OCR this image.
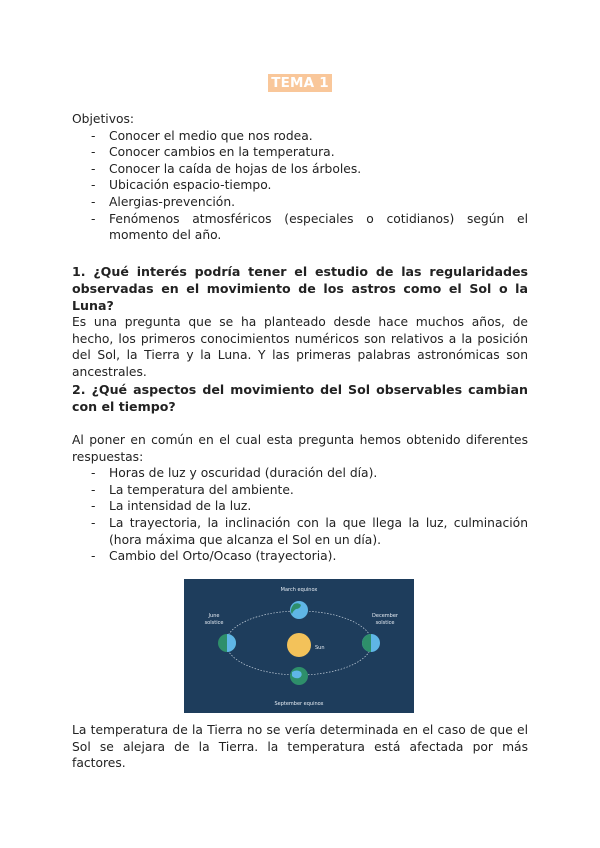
TEMA 1
Objetivos:
- Conocer el medio que nos rodea.
- Conocer cambios en la temperatura.
- Conocer la caída de hojas de los árboles.
- Ubicación espacio-tiempo.
- Alergias-prevención.
- Fenómenos atmosféricos (especiales o cotidianos) según el momento del año.
1. ¿Qué interés podría tener el estudio de las regularidades observadas en el movimiento de los astros como el Sol o la Luna?
Es una pregunta que se ha planteado desde hace muchos años, de hecho, los primeros conocimientos numéricos son relativos a la posición del Sol, la Tierra y la Luna. Y las primeras palabras astronómicas son ancestrales.
2. ¿Qué aspectos del movimiento del Sol observables cambian con el tiempo?
Al poner en común en el cual esta pregunta hemos obtenido diferentes respuestas:
- Horas de luz y oscuridad (duración del día).
- La temperatura del ambiente.
- La intensidad de la luz.
- La trayectoria, la inclinación con la que llega la luz, culminación (hora máxima que alcanza el Sol en un día).
- Cambio del Orto/Ocaso (trayectoria).
Sun
March equinox
September equinox
June
solstice
December
solstice
La temperatura de la Tierra no se vería determinada en el caso de que el Sol se alejara de la Tierra. la temperatura está afectada por más factores.
